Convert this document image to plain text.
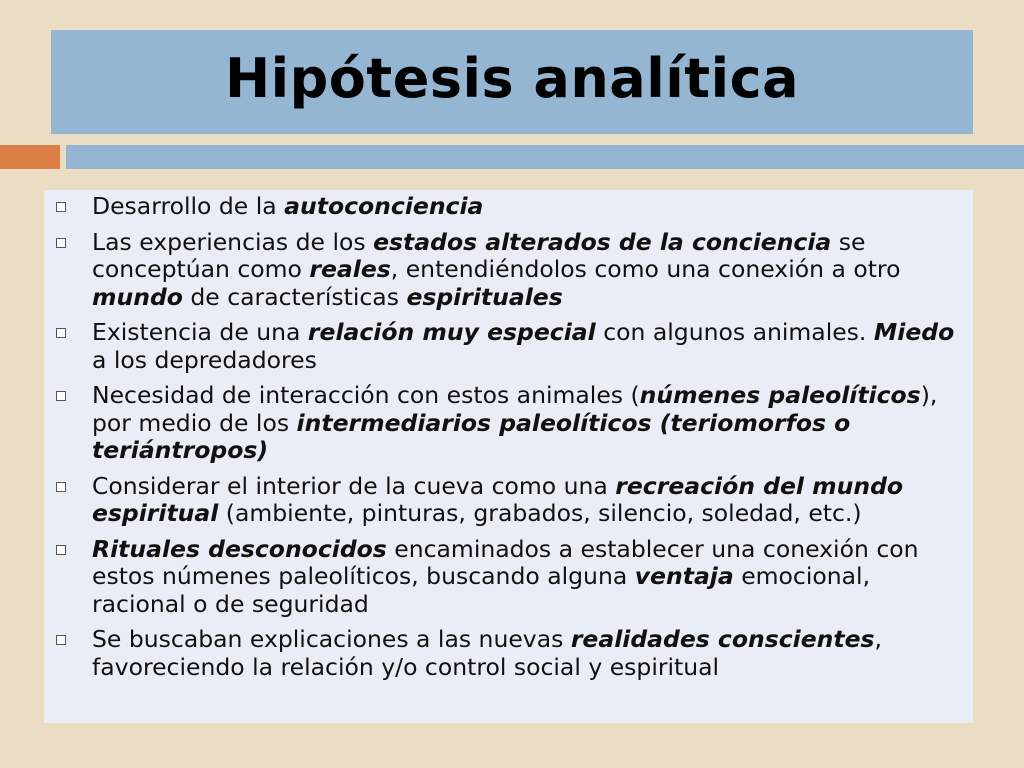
Hipótesis analítica
Desarrollo de la autoconciencia
Las experiencias de los estados alterados de la conciencia se conceptúan como reales, entendiéndolos como una conexión a otro mundo de características espirituales
Existencia de una relación muy especial con algunos animales. Miedo a los depredadores
Necesidad de interacción con estos animales (númenes paleolíticos), por medio de los intermediarios paleolíticos (teriomorfos o teriántropos)
Considerar el interior de la cueva como una recreación del mundo espiritual (ambiente, pinturas, grabados, silencio, soledad, etc.)
Rituales desconocidos encaminados a establecer una conexión con estos númenes paleolíticos, buscando alguna ventaja emocional, racional o de seguridad
Se buscaban explicaciones a las nuevas realidades conscientes, favoreciendo la relación y/o control social y espiritual
